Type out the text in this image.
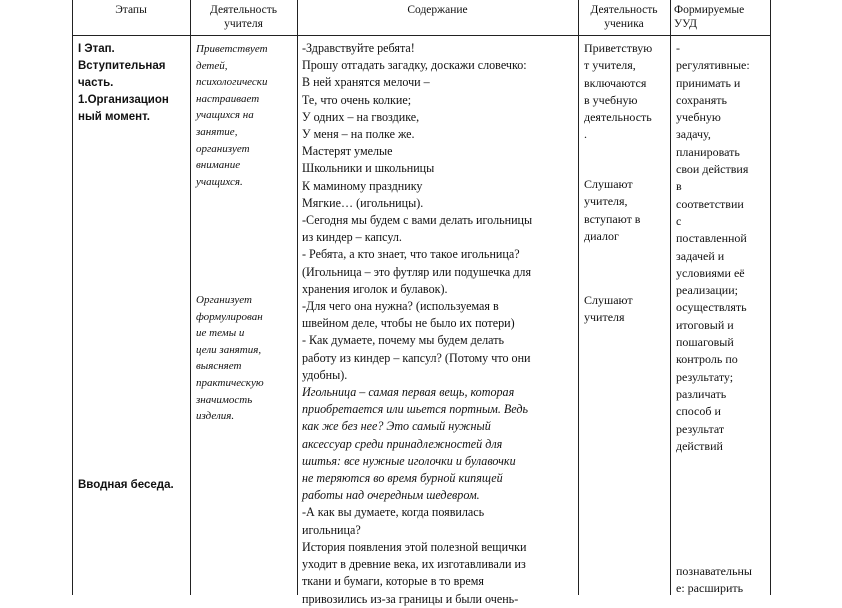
Этапы	Деятельность
учителя
Содержание	Деятельность
ученика
Формируемые
УУД
I Этап.
Вступительная
часть.
1.Организацион
ный момент.
Вводная беседа.
Приветствует
детей,
психологически
настраивает
учащихся на
занятие,
организует
внимание
учащихся.
Организует
формулирован
ие темы и
цели занятия,
выясняет
практическую
значимость
изделия.
-Здравствуйте ребята!
Прошу отгадать загадку, доскажи словечко:
В ней хранятся мелочи –
Те, что очень колкие;
У одних – на гвоздике,
У меня – на полке же.
Мастерят умелые
Школьники и школьницы
К маминому празднику
Мягкие… (игольницы).
-Сегодня мы будем с вами делать игольницы
из киндер – капсул.
- Ребята, а кто знает, что такое игольница?
(Игольница – это футляр или подушечка для
хранения иголок и булавок).
-Для чего она нужна? (используемая в
швейном деле, чтобы не было их потери)
- Как думаете, почему мы будем делать
работу из киндер – капсул? (Потому что они
удобны).
Игольница – самая первая вещь, которая
приобретается или шьется портным. Ведь
как же без нее? Это самый нужный
аксессуар среди принадлежностей для
шитья: все нужные иголочки и булавочки
не теряются во время бурной кипящей
работы над очередным шедевром.
-А как вы думаете, когда появилась
игольница?
История появления этой полезной вещички
уходит в древние века, их изготавливали из
ткани и бумаги, которые в то время
привозились из-за границы и были очень-
Приветствую
т учителя,
включаются
в учебную
деятельность
.
Слушают
учителя,
вступают в
диалог
Слушают
учителя
-
регулятивные:
принимать и
сохранять
учебную
задачу,
планировать
свои действия
в
соответствии
с
поставленной
задачей и
условиями её
реализации;
осуществлять
итоговый и
пошаговый
контроль по
результату;
различать
способ и
результат
действий
познавательны
е: расширить
